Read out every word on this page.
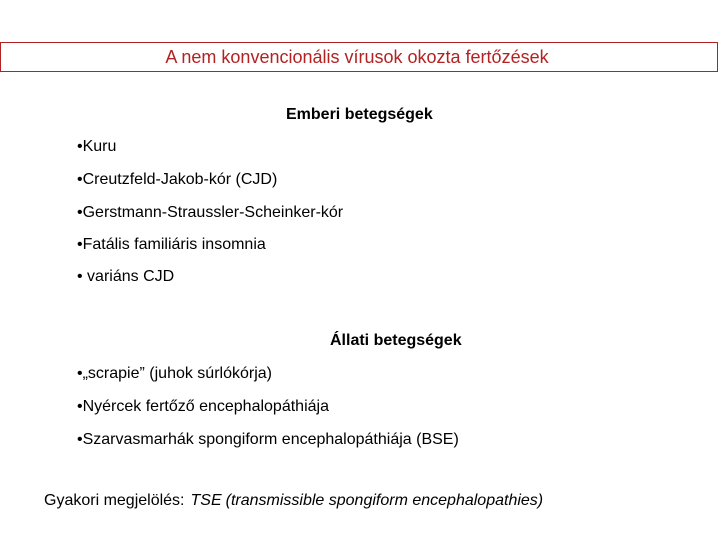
A nem konvencionális vírusok okozta fertőzések
Emberi betegségek
•Kuru
•Creutzfeld-Jakob-kór (CJD)
•Gerstmann-Straussler-Scheinker-kór
•Fatális familiáris insomnia
• variáns CJD
Állati betegségek
•„scrapie” (juhok súrlókórja)
•Nyércek fertőző encephalopáthiája
•Szarvasmarhák spongiform encephalopáthiája (BSE)
Gyakori megjelölés: TSE (transmissible spongiform encephalopathies)
